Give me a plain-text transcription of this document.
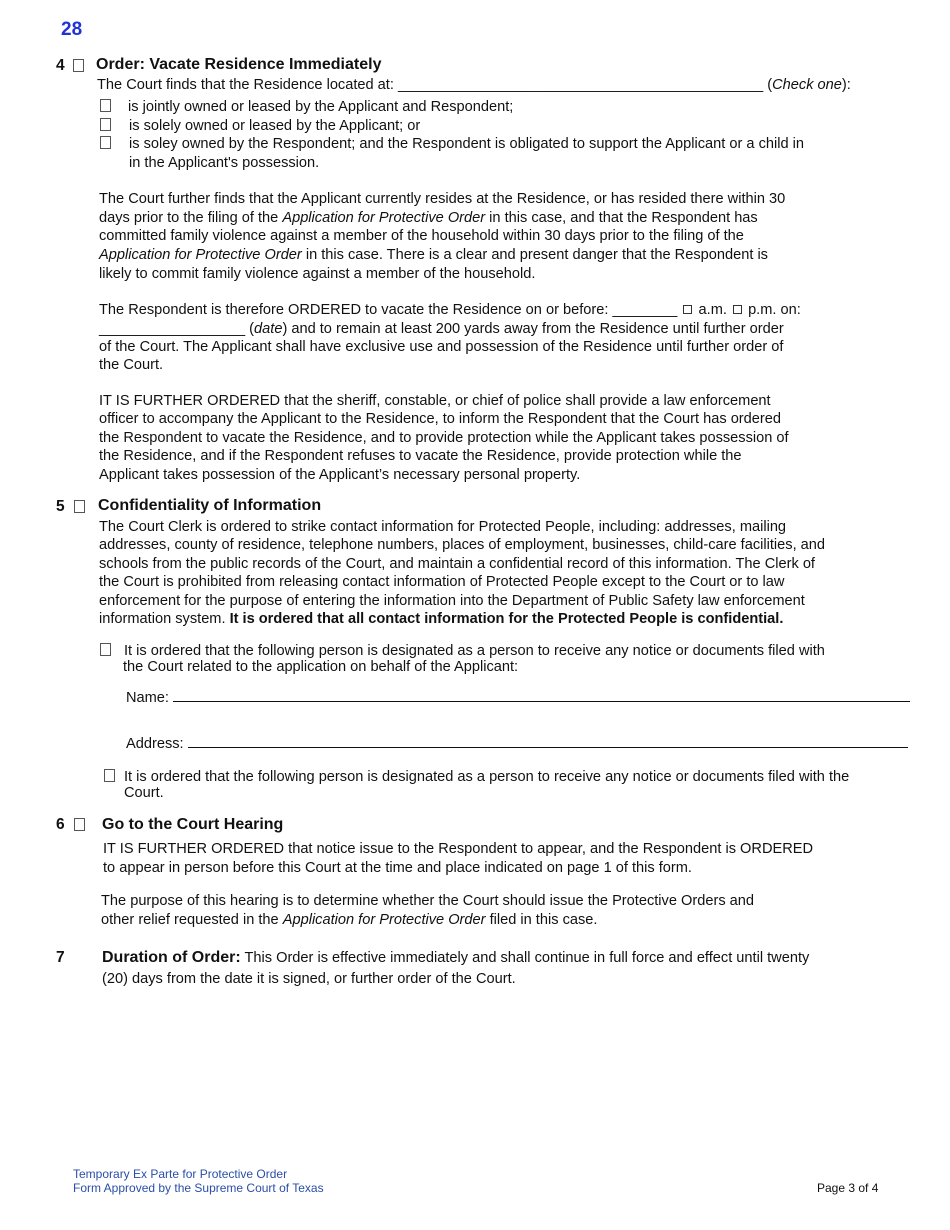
28
4 Order: Vacate Residence Immediately
The Court finds that the Residence located at: _____________________________________________ (Check one):
is jointly owned or leased by the Applicant and Respondent;
is solely owned or leased by the Applicant; or
is soley owned by the Respondent; and the Respondent is obligated to support the Applicant or a child in
in the Applicant's possession.
The Court further finds that the Applicant currently resides at the Residence, or has resided there within 30
days prior to the filing of the Application for Protective Order in this case, and that the Respondent has
committed family violence against a member of the household within 30 days prior to the filing of the
Application for Protective Order in this case. There is a clear and present danger that the Respondent is
likely to commit family violence against a member of the household.
The Respondent is therefore ORDERED to vacate the Residence on or before: ________  a.m. p.m. on:
__________________ (date) and to remain at least 200 yards away from the Residence until further order
of the Court. The Applicant shall have exclusive use and possession of the Residence until further order of
the Court.
IT IS FURTHER ORDERED that the sheriff, constable, or chief of police shall provide a law enforcement
officer to accompany the Applicant to the Residence, to inform the Respondent that the Court has ordered
the Respondent to vacate the Residence, and to provide protection while the Applicant takes possession of
the Residence, and if the Respondent refuses to vacate the Residence, provide protection while the
Applicant takes possession of the Applicant’s necessary personal property.
5 Confidentiality of Information
The Court Clerk is ordered to strike contact information for Protected People, including: addresses, mailing
addresses, county of residence, telephone numbers, places of employment, businesses, child-care facilities, and
schools from the public records of the Court, and maintain a confidential record of this information. The Clerk of
the Court is prohibited from releasing contact information of Protected People except to the Court or to law
enforcement for the purpose of entering the information into the Department of Public Safety law enforcement
information system. It is ordered that all contact information for the Protected People is confidential.
It is ordered that the following person is designated as a person to receive any notice or documents filed with
the Court related to the application on behalf of the Applicant:
Name:
Address:
It is ordered that the following person is designated as a person to receive any notice or documents filed with the
Court.
6 Go to the Court Hearing
IT IS FURTHER ORDERED that notice issue to the Respondent to appear, and the Respondent is ORDERED
to appear in person before this Court at the time and place indicated on page 1 of this form.
The purpose of this hearing is to determine whether the Court should issue the Protective Orders and
other relief requested in the Application for Protective Order filed in this case.
7 Duration of Order: This Order is effective immediately and shall continue in full force and effect until twenty
(20) days from the date it is signed, or further order of the Court.
Temporary Ex Parte for Protective Order
Form Approved by the Supreme Court of Texas	Page 3 of 4
